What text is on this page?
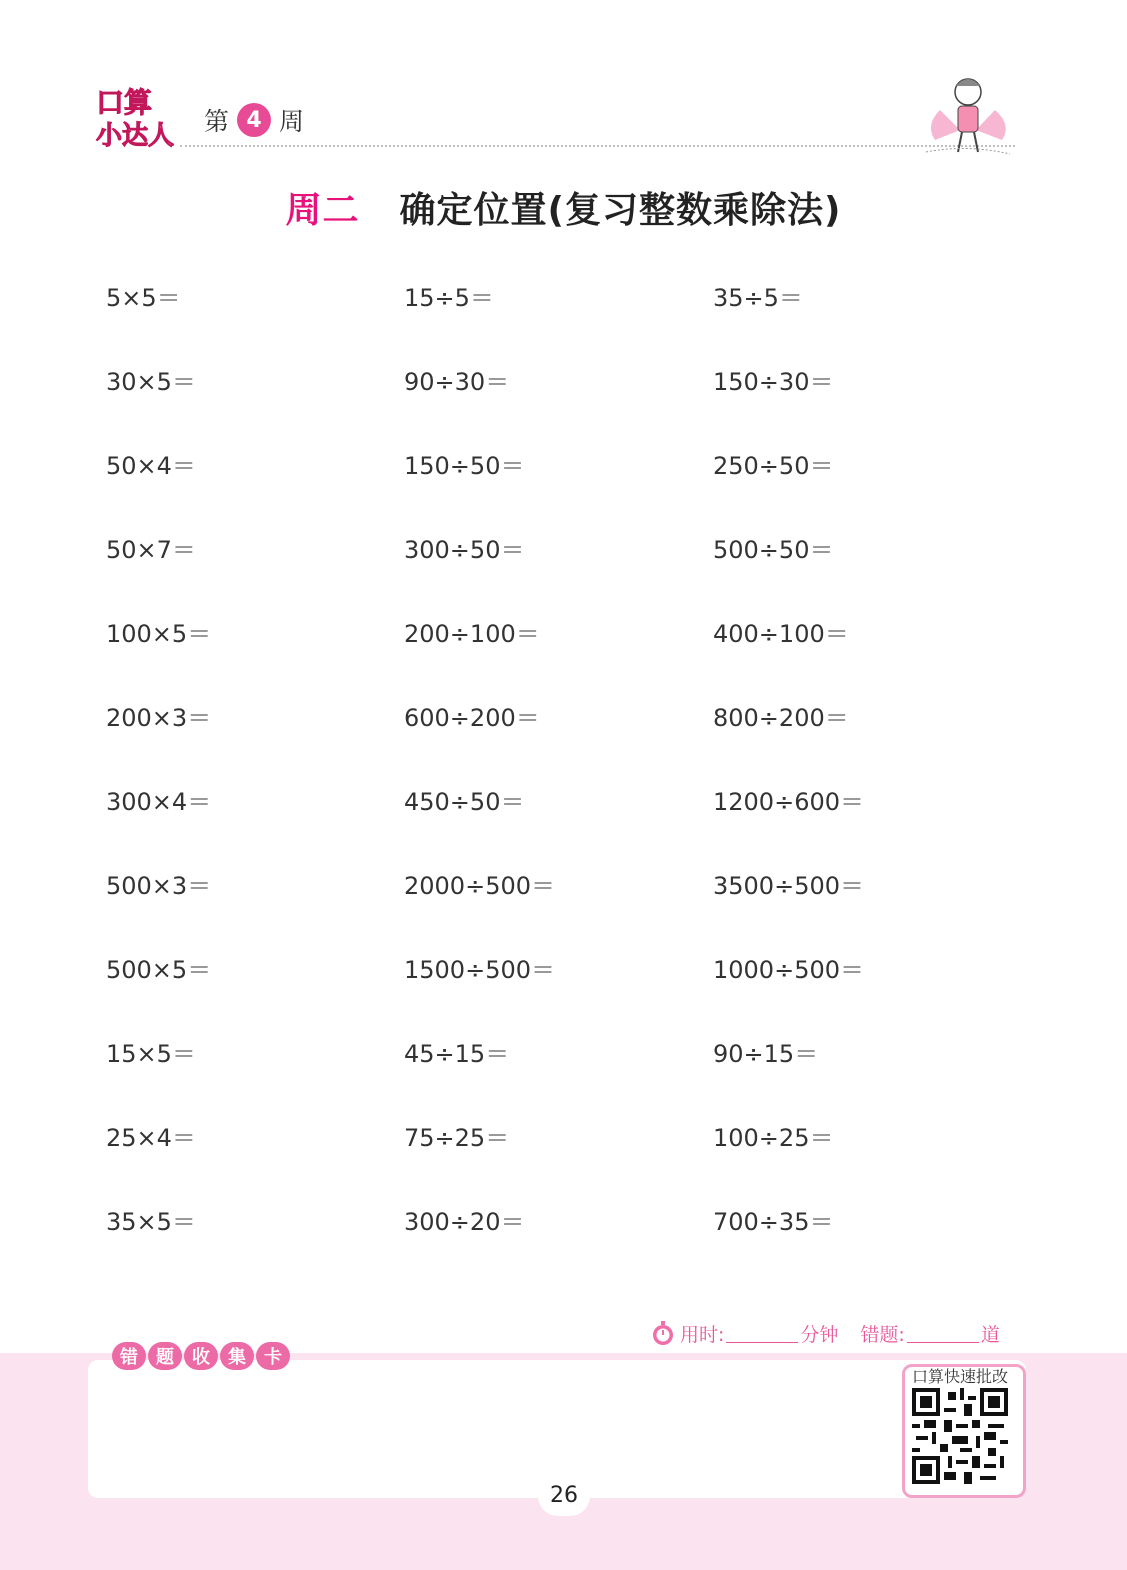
口算
小达人 第 4 周
周二 确定位置(复习整数乘除法)
5×5＝	15÷5＝	35÷5＝
30×5＝	90÷30＝	150÷30＝
50×4＝	150÷50＝	250÷50＝
50×7＝	300÷50＝	500÷50＝
100×5＝	200÷100＝	400÷100＝
200×3＝	600÷200＝	800÷200＝
300×4＝	450÷50＝	1200÷600＝
500×3＝	2000÷500＝	3500÷500＝
500×5＝	1500÷500＝	1000÷500＝
15×5＝	45÷15＝	90÷15＝
25×4＝	75÷25＝	100÷25＝
35×5＝	300÷20＝	700÷35＝
用时:	分钟 错题:	道
错	题	收	集	卡
口算快速批改
26
